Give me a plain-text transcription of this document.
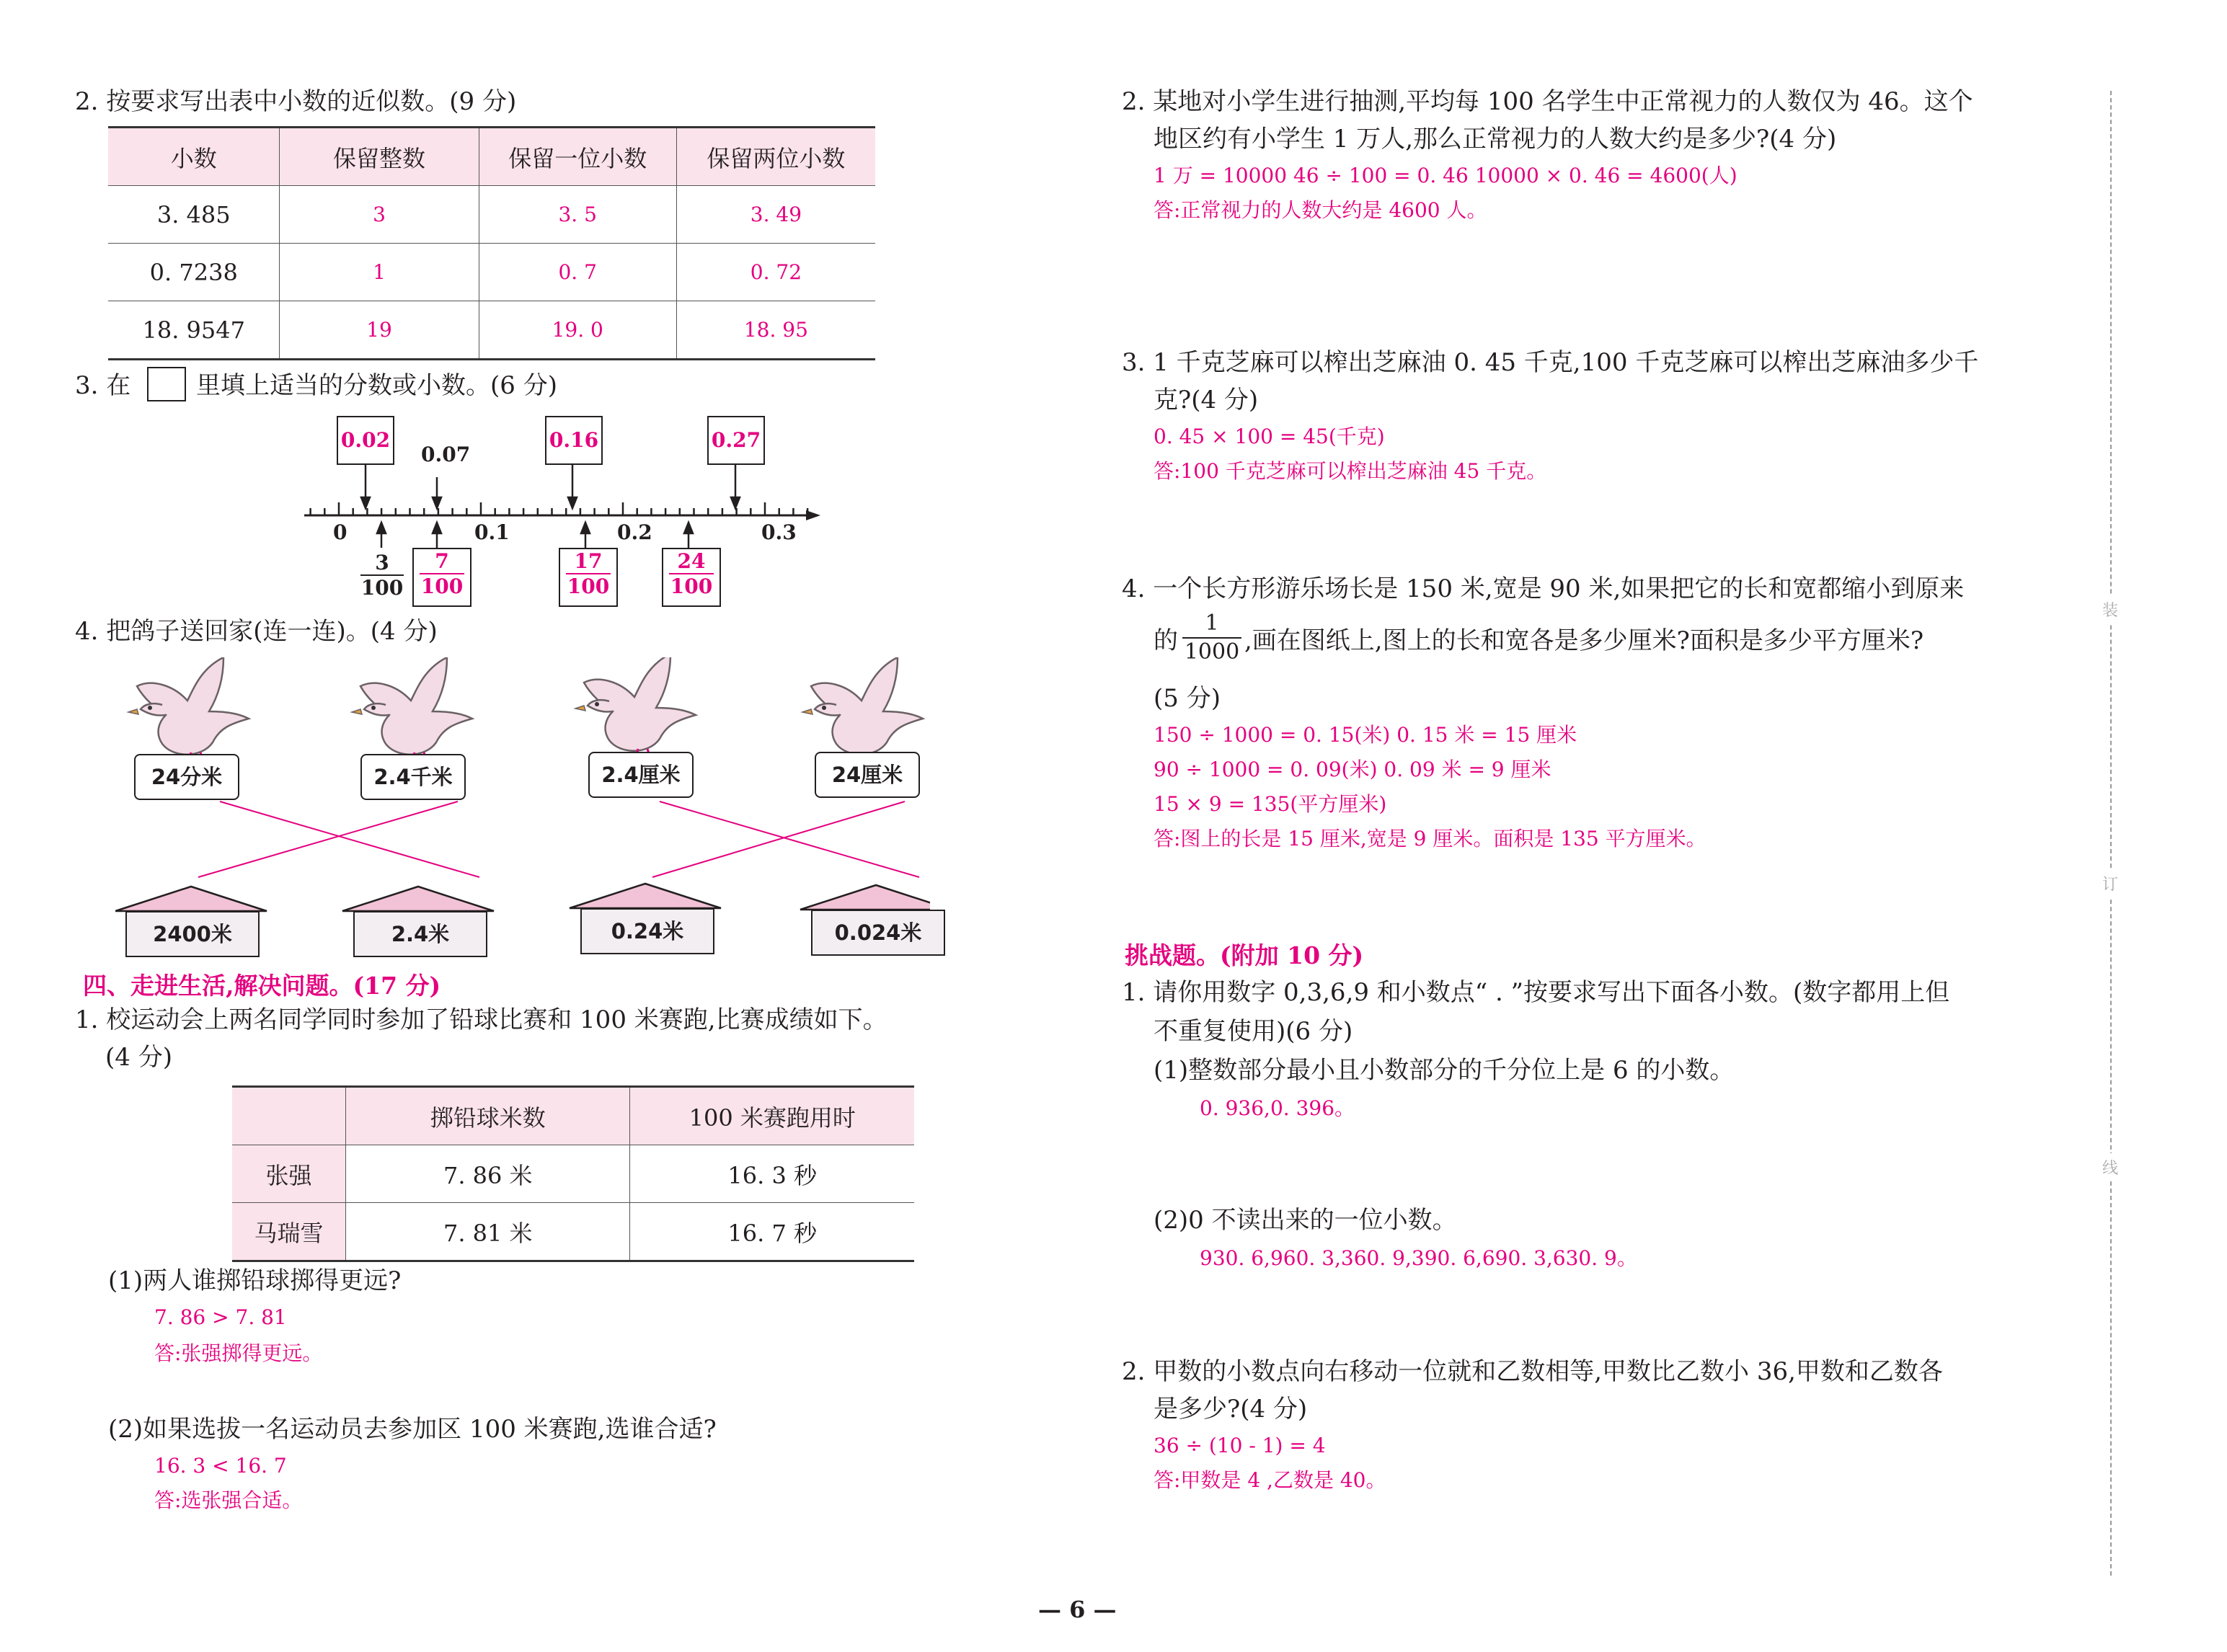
2. 按要求写出表中小数的近似数。(9 分)
小数	保留整数	保留一位小数	保留两位小数
3. 485	3	3. 5	3. 49
0. 7238	1	0. 7	0. 72
18. 9547	19	19. 0	18. 95
3. 在	里填上适当的分数或小数。(6 分)
0.02
0.07
0.16	0.27
0	0.1	0.2	0.3
$\frac{3}{100} \frac{7}{100}$	$\frac{17}{100} \frac{24}{100}$
4. 把鸽子送回家(连一连)。(4 分)
24分米	2.4千米	2.4厘米	24厘米
2400米	2.4米	0.24米	0.024米
四、走进生活,解决问题。(17 分)
1. 校运动会上两名同学同时参加了铅球比赛和 100 米赛跑,比赛成绩如下。
(4 分)
	掷铅球米数	100 米赛跑用时
张强	7. 86 米	16. 3 秒
马瑞雪	7. 81 米	16. 7 秒
(1)两人谁掷铅球掷得更远?
7. 86 > 7. 81
答:张强掷得更远。
(2)如果选拔一名运动员去参加区 100 米赛跑,选谁合适?
16. 3 < 16. 7
答:选张强合适。
2. 某地对小学生进行抽测,平均每 100 名学生中正常视力的人数仅为 46。这个
地区约有小学生 1 万人,那么正常视力的人数大约是多少?(4 分)
1 万 = 10000 46 ÷ 100 = 0. 46 10000 × 0. 46 = 4600(人)
答:正常视力的人数大约是 4600 人。
3. 1 千克芝麻可以榨出芝麻油 0. 45 千克,100 千克芝麻可以榨出芝麻油多少千
克?(4 分)
0. 45 × 100 = 45(千克)
答:100 千克芝麻可以榨出芝麻油 45 千克。
4. 一个长方形游乐场长是 150 米,宽是 90 米,如果把它的长和宽都缩小到原来
的 $\frac{1}{1000}$ ,画在图纸上,图上的长和宽各是多少厘米?面积是多少平方厘米?
(5 分)
150 ÷ 1000 = 0. 15(米) 0. 15 米 = 15 厘米
90 ÷ 1000 = 0. 09(米) 0. 09 米 = 9 厘米
15 × 9 = 135(平方厘米)
答:图上的长是 15 厘米,宽是 9 厘米。面积是 135 平方厘米。
挑战题。(附加 10 分)
1. 请你用数字 0,3,6,9 和小数点“ . ”按要求写出下面各小数。(数字都用上但
不重复使用)(6 分)
(1)整数部分最小且小数部分的千分位上是 6 的小数。
0. 936,0. 396。
(2)0 不读出来的一位小数。
930. 6,960. 3,360. 9,390. 6,690. 3,630. 9。
2. 甲数的小数点向右移动一位就和乙数相等,甲数比乙数小 36,甲数和乙数各
是多少?(4 分)
36 ÷ (10 - 1) = 4
答:甲数是 4 ,乙数是 40。
装
订
线
— 6 —
